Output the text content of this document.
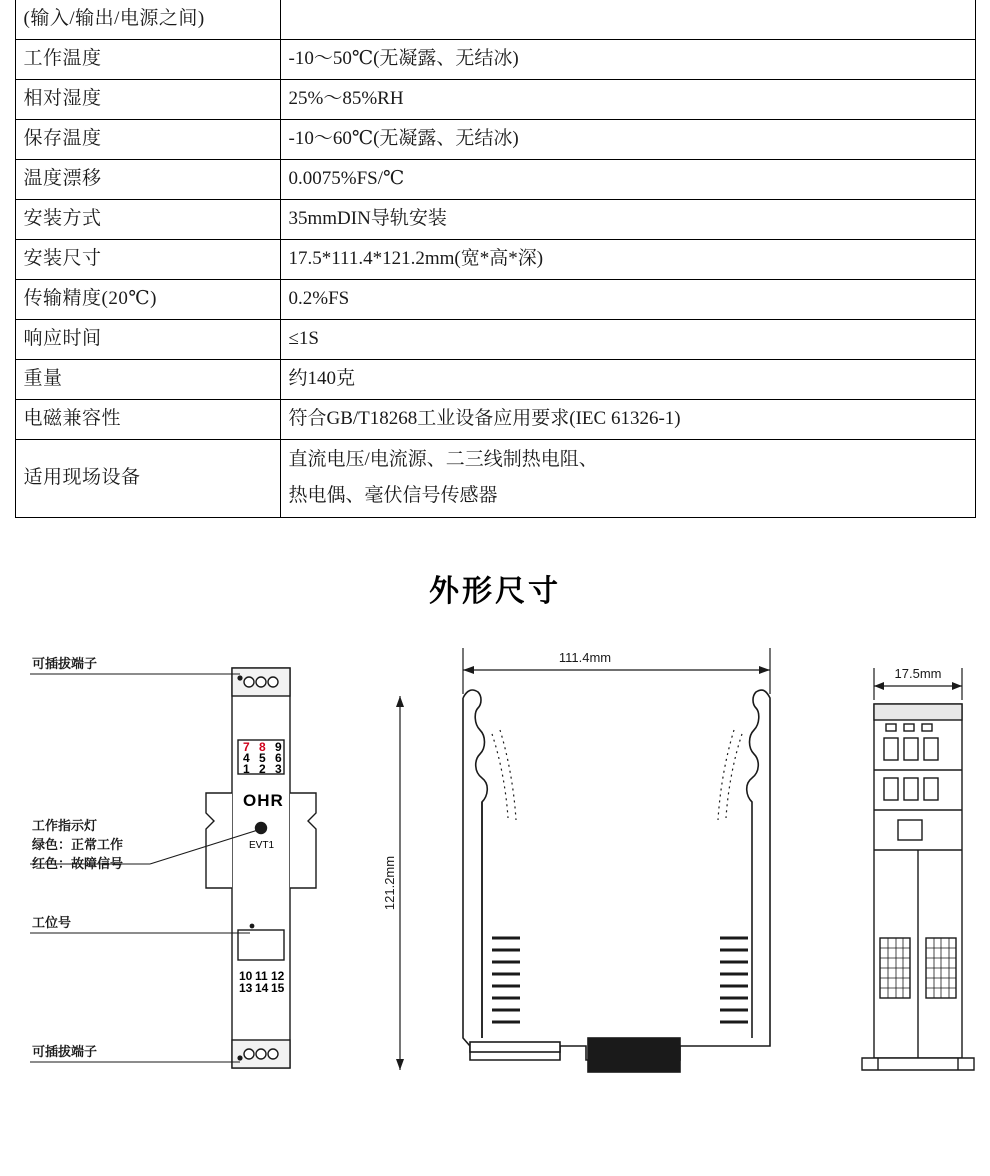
(输入/输出/电源之间)	
工作温度	-10～50℃(无凝露、无结冰)
相对湿度	25%～85%RH
保存温度	-10～60℃(无凝露、无结冰)
温度漂移	0.0075%FS/℃
安装方式	35mmDIN导轨安装
安装尺寸	17.5*111.4*121.2mm(宽*高*深)
传输精度(20℃)	0.2%FS
响应时间	≤1S
重量	约140克
电磁兼容性	符合GB/T18268工业设备应用要求(IEC 61326-1)
适用现场设备	直流电压/电流源、二三线制热电阻、
热电偶、毫伏信号传感器
外形尺寸
7 8 9
4 5 6
1 2 3
OHR
EVT1
10 11 12
13 14 15
可插拔端子
工作指示灯
绿色：正常工作
红色：故障信号
工位号
可插拔端子
111.4mm
121.2mm
17.5mm
